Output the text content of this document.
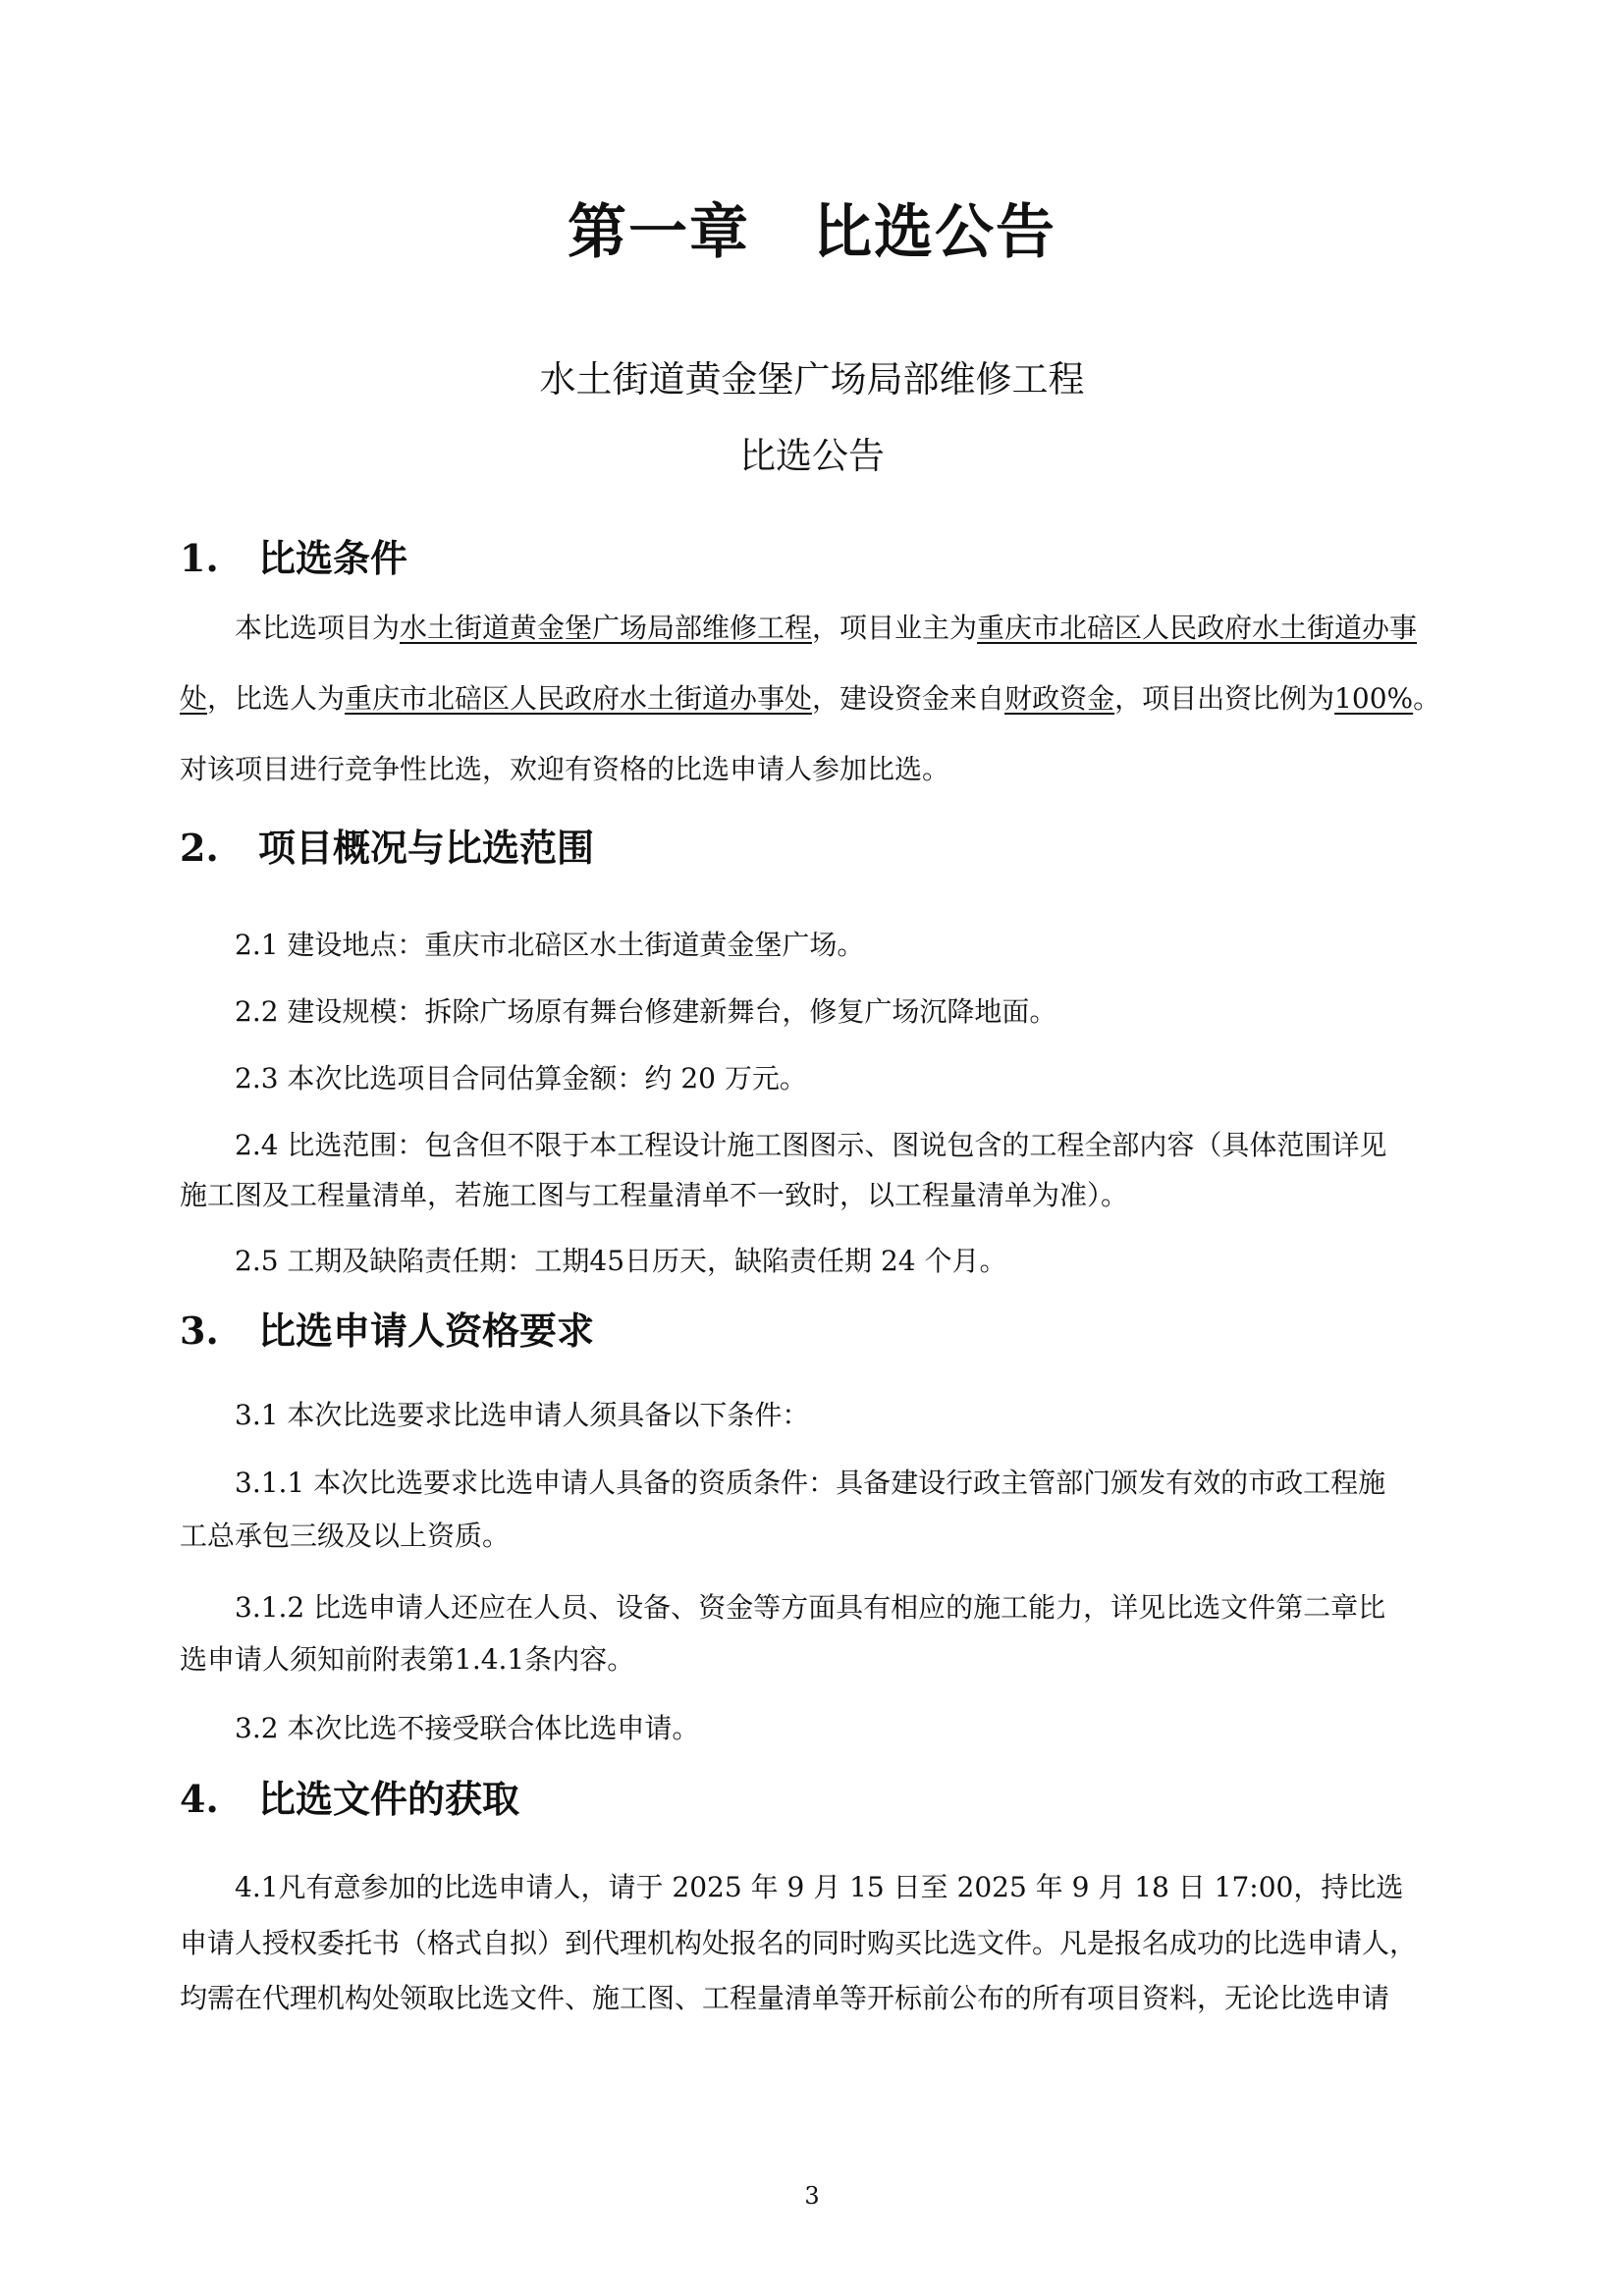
第一章 比选公告
水土街道黄金堡广场局部维修工程
比选公告
1. 比选条件
本比选项目为水土街道黄金堡广场局部维修工程，项目业主为重庆市北碚区人民政府水土街道办事处，比选人为重庆市北碚区人民政府水土街道办事处，建设资金来自财政资金，项目出资比例为100%。对该项目进行竞争性比选，欢迎有资格的比选申请人参加比选。
2. 项目概况与比选范围
2.1 建设地点：重庆市北碚区水土街道黄金堡广场。
2.2 建设规模：拆除广场原有舞台修建新舞台，修复广场沉降地面。
2.3 本次比选项目合同估算金额：约 20 万元。
2.4 比选范围：包含但不限于本工程设计施工图图示、图说包含的工程全部内容（具体范围详见
施工图及工程量清单，若施工图与工程量清单不一致时，以工程量清单为准）。
2.5 工期及缺陷责任期：工期45日历天，缺陷责任期 24 个月。
3. 比选申请人资格要求
3.1 本次比选要求比选申请人须具备以下条件：
3.1.1 本次比选要求比选申请人具备的资质条件：具备建设行政主管部门颁发有效的市政工程施
工总承包三级及以上资质。
3.1.2 比选申请人还应在人员、设备、资金等方面具有相应的施工能力，详见比选文件第二章比
选申请人须知前附表第1.4.1条内容。
3.2 本次比选不接受联合体比选申请。
4. 比选文件的获取
4.1凡有意参加的比选申请人，请于 2025 年 9 月 15 日至 2025 年 9 月 18 日 17:00，持比选
申请人授权委托书（格式自拟）到代理机构处报名的同时购买比选文件。凡是报名成功的比选申请人，
均需在代理机构处领取比选文件、施工图、工程量清单等开标前公布的所有项目资料，无论比选申请
3
